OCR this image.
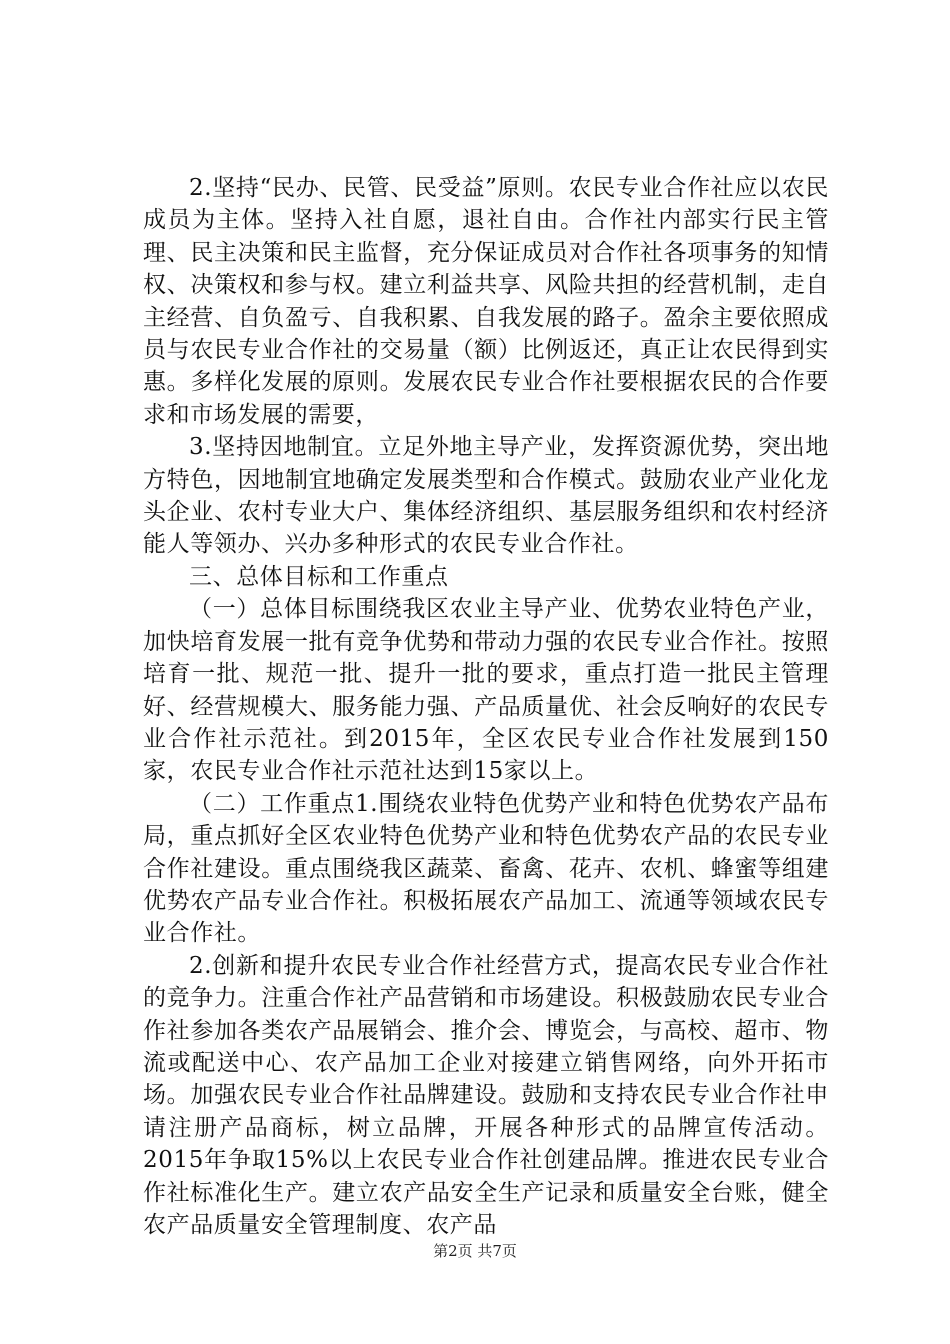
2.坚持“民办、民管、民受益”原则。农民专业合作社应以农民成员为主体。坚持入社自愿，退社自由。合作社内部实行民主管理、民主决策和民主监督，充分保证成员对合作社各项事务的知情权、决策权和参与权。建立利益共享、风险共担的经营机制，走自主经营、自负盈亏、自我积累、自我发展的路子。盈余主要依照成员与农民专业合作社的交易量（额）比例返还，真正让农民得到实惠。多样化发展的原则。发展农民专业合作社要根据农民的合作要求和市场发展的需要，

3.坚持因地制宜。立足外地主导产业，发挥资源优势，突出地方特色，因地制宜地确定发展类型和合作模式。鼓励农业产业化龙头企业、农村专业大户、集体经济组织、基层服务组织和农村经济能人等领办、兴办多种形式的农民专业合作社。

三、总体目标和工作重点

（一）总体目标围绕我区农业主导产业、优势农业特色产业，加快培育发展一批有竞争优势和带动力强的农民专业合作社。按照培育一批、规范一批、提升一批的要求，重点打造一批民主管理好、经营规模大、服务能力强、产品质量优、社会反响好的农民专业合作社示范社。到2015年，全区农民专业合作社发展到150家，农民专业合作社示范社达到15家以上。

（二）工作重点1.围绕农业特色优势产业和特色优势农产品布局，重点抓好全区农业特色优势产业和特色优势农产品的农民专业合作社建设。重点围绕我区蔬菜、畜禽、花卉、农机、蜂蜜等组建优势农产品专业合作社。积极拓展农产品加工、流通等领域农民专业合作社。

2.创新和提升农民专业合作社经营方式，提高农民专业合作社的竞争力。注重合作社产品营销和市场建设。积极鼓励农民专业合作社参加各类农产品展销会、推介会、博览会，与高校、超市、物流或配送中心、农产品加工企业对接建立销售网络，向外开拓市场。加强农民专业合作社品牌建设。鼓励和支持农民专业合作社申请注册产品商标，树立品牌，开展各种形式的品牌宣传活动。2015年争取15%以上农民专业合作社创建品牌。推进农民专业合作社标准化生产。建立农产品安全生产记录和质量安全台账，健全农产品质量安全管理制度、农产品

第2页 共7页
